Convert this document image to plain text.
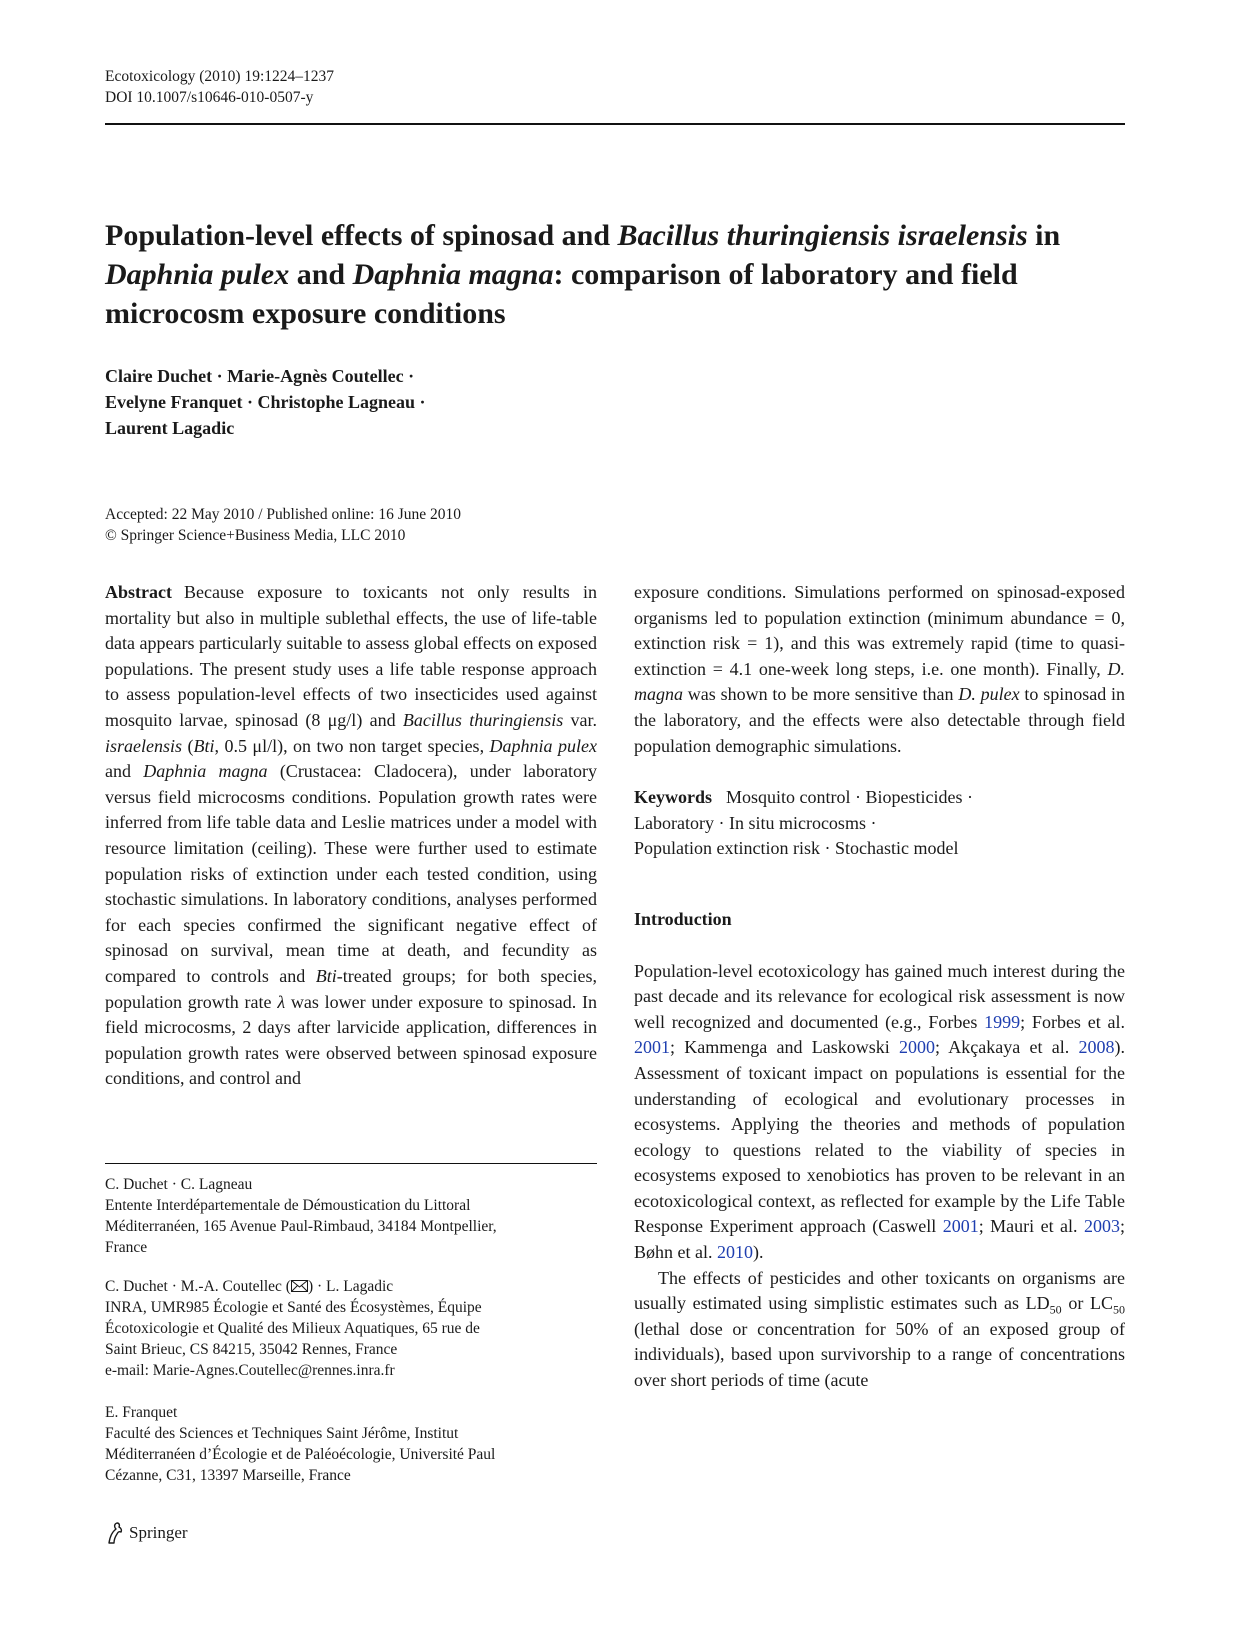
Ecotoxicology (2010) 19:1224–1237
DOI 10.1007/s10646-010-0507-y
Population-level effects of spinosad and Bacillus thuringiensis israelensis in Daphnia pulex and Daphnia magna: comparison of laboratory and field microcosm exposure conditions
Claire Duchet · Marie-Agnès Coutellec ·
Evelyne Franquet · Christophe Lagneau ·
Laurent Lagadic
Accepted: 22 May 2010 / Published online: 16 June 2010
© Springer Science+Business Media, LLC 2010

Abstract Because exposure to toxicants not only results in mortality but also in multiple sublethal effects, the use of life-table data appears particularly suitable to assess global effects on exposed populations. The present study uses a life table response approach to assess population-level effects of two insecticides used against mosquito larvae, spinosad (8 μg/l) and Bacillus thuringiensis var. israelensis (Bti, 0.5 μl/l), on two non target species, Daphnia pulex and Daphnia magna (Crustacea: Cladocera), under laboratory versus field microcosms conditions. Population growth rates were inferred from life table data and Leslie matrices under a model with resource limitation (ceiling). These were further used to estimate population risks of extinction under each tested condition, using stochastic simulations. In laboratory conditions, analyses performed for each species confirmed the significant negative effect of spinosad on survival, mean time at death, and fecundity as compared to controls and Bti-treated groups; for both species, population growth rate λ was lower under exposure to spinosad. In field microcosms, 2 days after larvicide application, differences in population growth rates were observed between spinosad exposure conditions, and control and

exposure conditions. Simulations performed on spinosad-exposed organisms led to population extinction (minimum abundance = 0, extinction risk = 1), and this was extremely rapid (time to quasi-extinction = 4.1 one-week long steps, i.e. one month). Finally, D. magna was shown to be more sensitive than D. pulex to spinosad in the laboratory, and the effects were also detectable through field population demographic simulations.

Keywords Mosquito control · Biopesticides ·
Laboratory · In situ microcosms ·
Population extinction risk · Stochastic model

Introduction

Population-level ecotoxicology has gained much interest during the past decade and its relevance for ecological risk assessment is now well recognized and documented (e.g., Forbes 1999; Forbes et al. 2001; Kammenga and Laskowski 2000; Akçakaya et al. 2008). Assessment of toxicant impact on populations is essential for the understanding of ecological and evolutionary processes in ecosystems. Applying the theories and methods of population ecology to questions related to the viability of species in ecosystems exposed to xenobiotics has proven to be relevant in an ecotoxicological context, as reflected for example by the Life Table Response Experiment approach (Caswell 2001; Mauri et al. 2003; Bøhn et al. 2010).

The effects of pesticides and other toxicants on organisms are usually estimated using simplistic estimates such as $LD_{50}$ or $LC_{50}$ (lethal dose or concentration for 50% of an exposed group of individuals), based upon survivorship to a range of concentrations over short periods of time (acute

C. Duchet · C. Lagneau

Entente Interdépartementale de Démoustication du Littoral

Méditerranéen, 165 Avenue Paul-Rimbaud, 34184 Montpellier,

France

C. Duchet · M.-A. Coutellec ( ) · L. Lagadic

INRA, UMR985 Écologie et Santé des Écosystèmes, Équipe

Écotoxicologie et Qualité des Milieux Aquatiques, 65 rue de

Saint Brieuc, CS 84215, 35042 Rennes, France

e-mail: Marie-Agnes.Coutellec@rennes.inra.fr

E. Franquet

Faculté des Sciences et Techniques Saint Jérôme, Institut

Méditerranéen d’Écologie et de Paléoécologie, Université Paul

Cézanne, C31, 13397 Marseille, France

Springer
